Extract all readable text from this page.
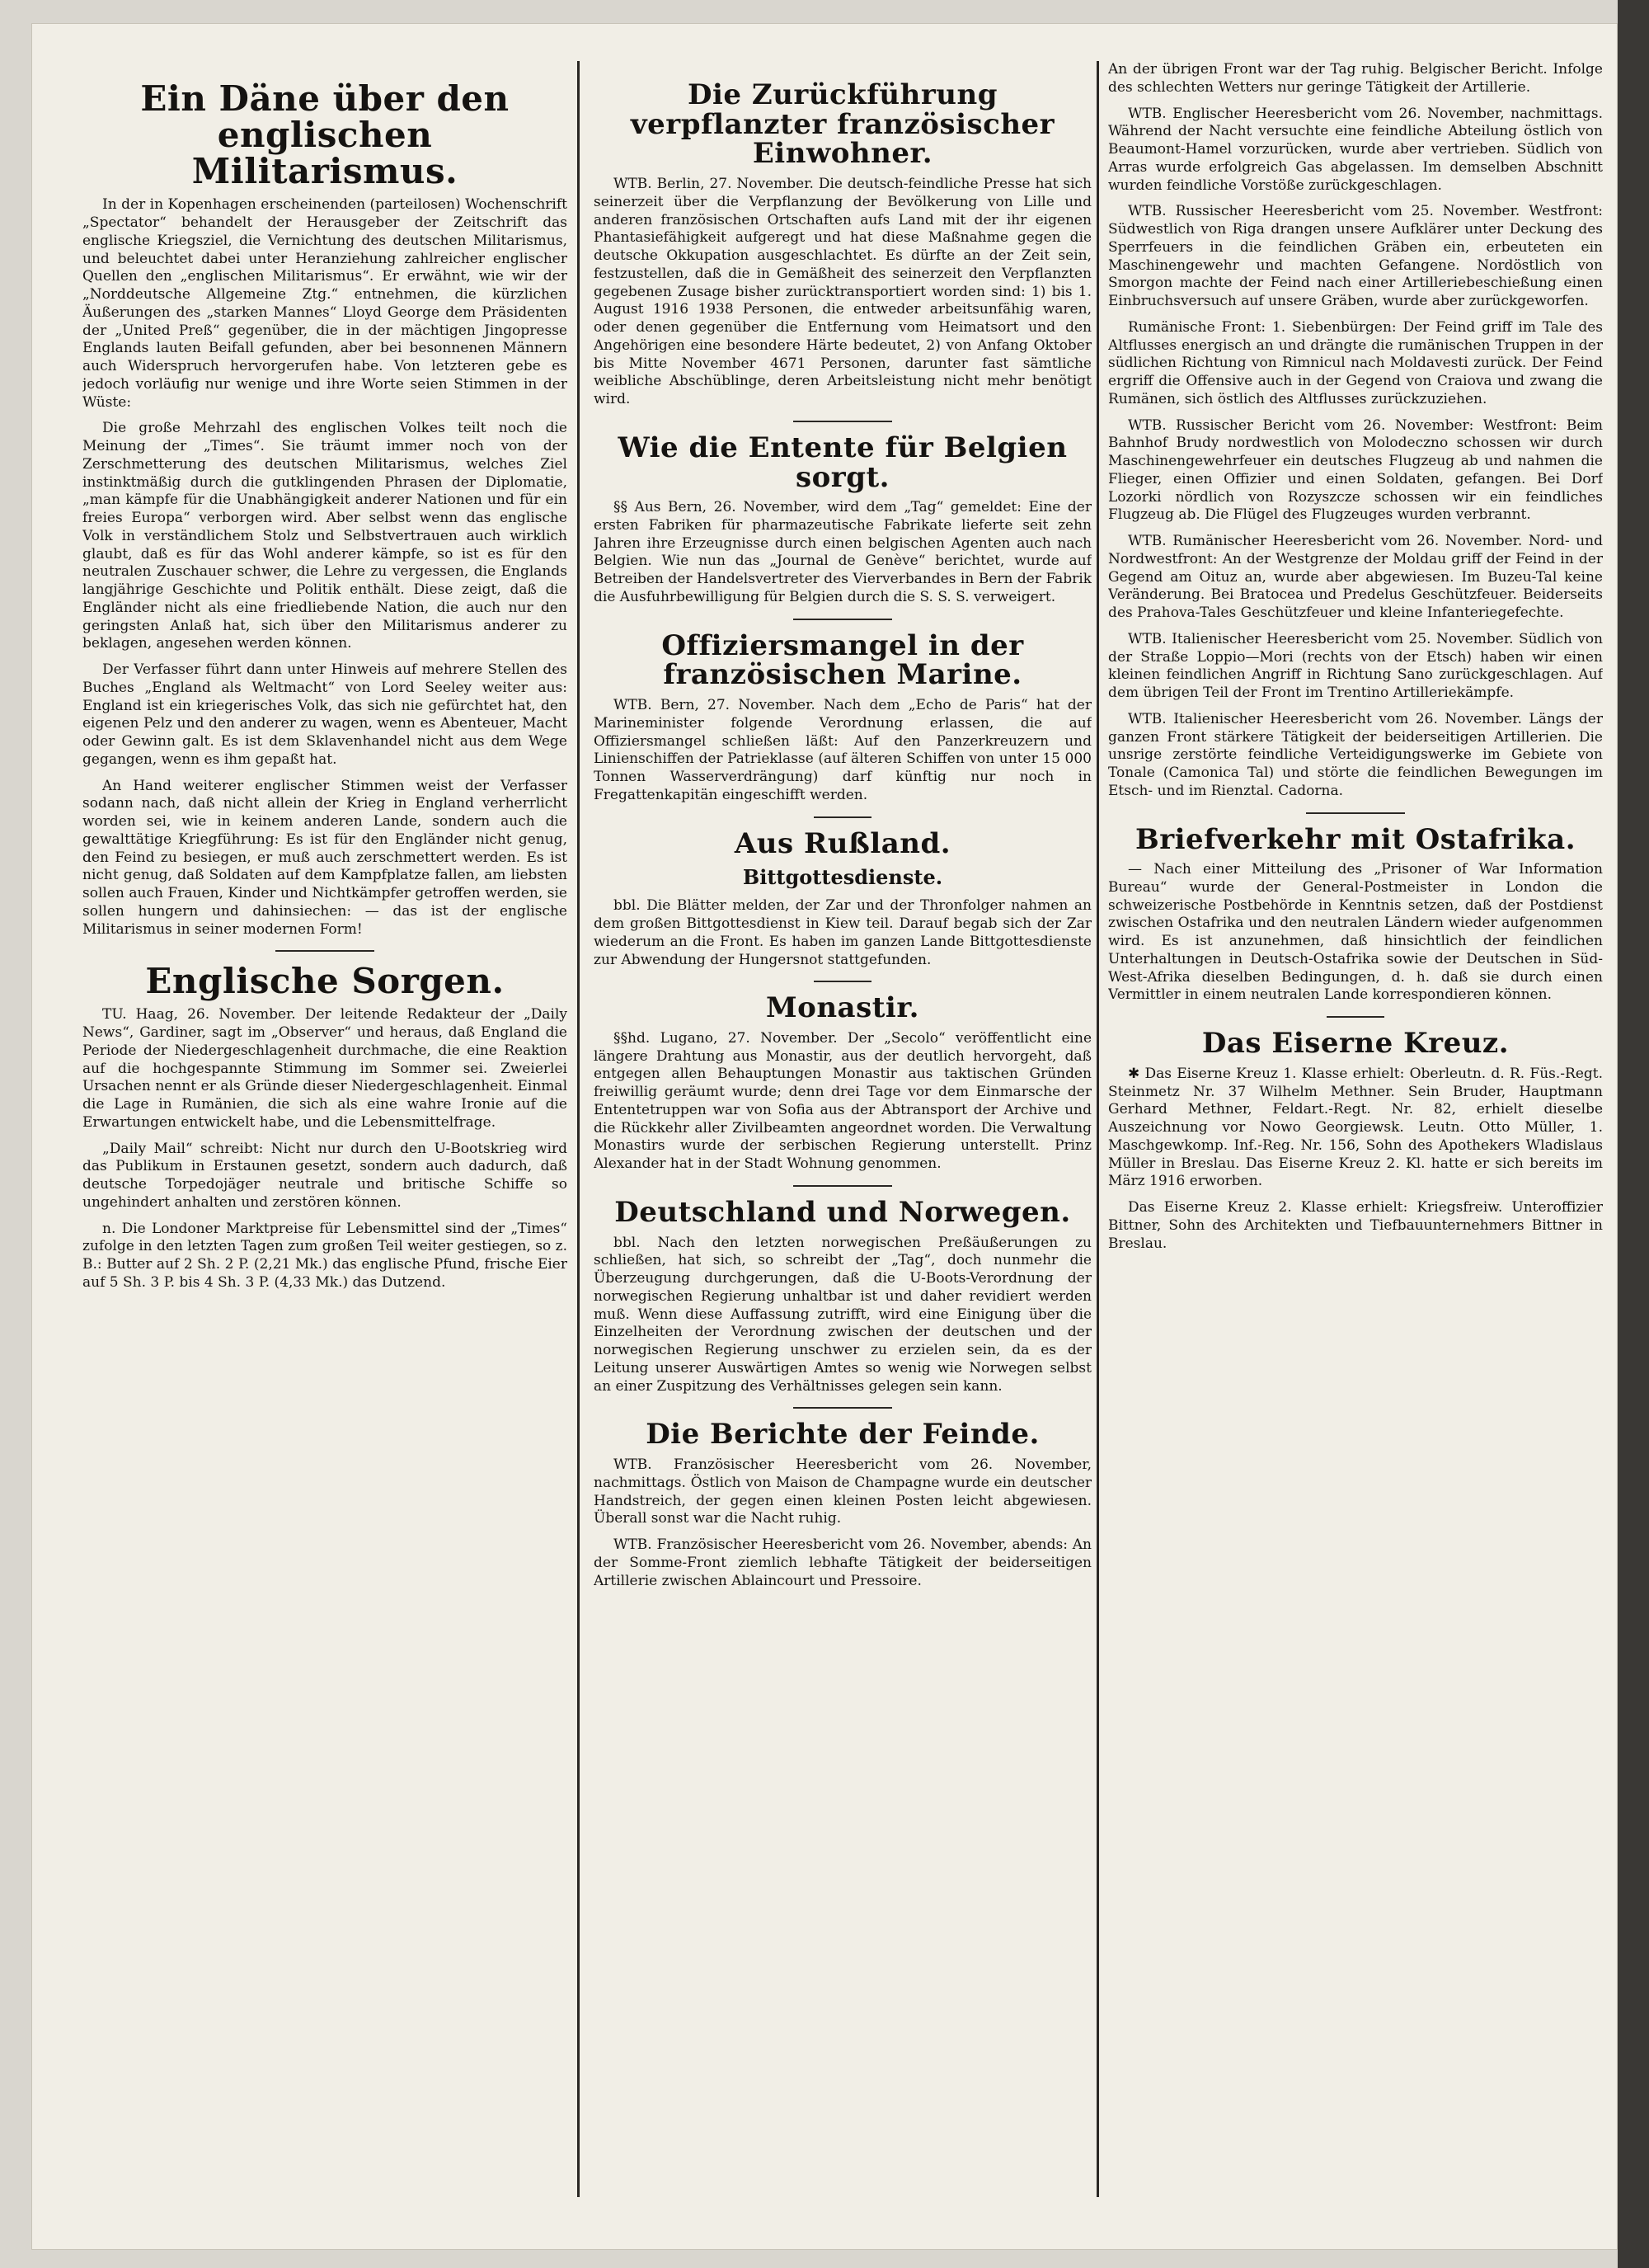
Ein Däne über den englischen Militarismus.

In der in Kopenhagen erscheinenden (parteilosen) Wochenschrift „Spectator“ behandelt der Herausgeber der Zeitschrift das englische Kriegsziel, die Vernichtung des deutschen Militarismus, und beleuchtet dabei unter Heranziehung zahlreicher englischer Quellen den „englischen Militarismus“. Er erwähnt, wie wir der „Norddeutsche Allgemeine Ztg.“ entnehmen, die kürzlichen Äußerungen des „starken Mannes“ Lloyd George dem Präsidenten der „United Preß“ gegenüber, die in der mächtigen Jingopresse Englands lauten Beifall gefunden, aber bei besonnenen Männern auch Widerspruch hervorgerufen habe. Von letzteren gebe es jedoch vorläufig nur wenige und ihre Worte seien Stimmen in der Wüste:

Die große Mehrzahl des englischen Volkes teilt noch die Meinung der „Times“. Sie träumt immer noch von der Zerschmetterung des deutschen Militarismus, welches Ziel instinktmäßig durch die gutklingenden Phrasen der Diplomatie, „man kämpfe für die Unabhängigkeit anderer Nationen und für ein freies Europa“ verborgen wird. Aber selbst wenn das englische Volk in verständlichem Stolz und Selbstvertrauen auch wirklich glaubt, daß es für das Wohl anderer kämpfe, so ist es für den neutralen Zuschauer schwer, die Lehre zu vergessen, die Englands langjährige Geschichte und Politik enthält. Diese zeigt, daß die Engländer nicht als eine friedliebende Nation, die auch nur den geringsten Anlaß hat, sich über den Militarismus anderer zu beklagen, angesehen werden können.

Der Verfasser führt dann unter Hinweis auf mehrere Stellen des Buches „England als Weltmacht“ von Lord Seeley weiter aus: England ist ein kriegerisches Volk, das sich nie gefürchtet hat, den eigenen Pelz und den anderer zu wagen, wenn es Abenteuer, Macht oder Gewinn galt. Es ist dem Sklavenhandel nicht aus dem Wege gegangen, wenn es ihm gepaßt hat.

An Hand weiterer englischer Stimmen weist der Verfasser sodann nach, daß nicht allein der Krieg in England verherrlicht worden sei, wie in keinem anderen Lande, sondern auch die gewalttätige Kriegführung: Es ist für den Engländer nicht genug, den Feind zu besiegen, er muß auch zerschmettert werden. Es ist nicht genug, daß Soldaten auf dem Kampfplatze fallen, am liebsten sollen auch Frauen, Kinder und Nichtkämpfer getroffen werden, sie sollen hungern und dahinsiechen: — das ist der englische Militarismus in seiner modernen Form!

Englische Sorgen.

TU. Haag, 26. November. Der leitende Redakteur der „Daily News“, Gardiner, sagt im „Observer“ und heraus, daß England die Periode der Niedergeschlagenheit durchmache, die eine Reaktion auf die hochgespannte Stimmung im Sommer sei. Zweierlei Ursachen nennt er als Gründe dieser Niedergeschlagenheit. Einmal die Lage in Rumänien, die sich als eine wahre Ironie auf die Erwartungen entwickelt habe, und die Lebensmittelfrage.

„Daily Mail“ schreibt: Nicht nur durch den U-Bootskrieg wird das Publikum in Erstaunen gesetzt, sondern auch dadurch, daß deutsche Torpedojäger neutrale und britische Schiffe so ungehindert anhalten und zerstören können.

n. Die Londoner Marktpreise für Lebensmittel sind der „Times“ zufolge in den letzten Tagen zum großen Teil weiter gestiegen, so z. B.: Butter auf 2 Sh. 2 P. (2,21 Mk.) das englische Pfund, frische Eier auf 5 Sh. 3 P. bis 4 Sh. 3 P. (4,33 Mk.) das Dutzend.

Die Zurückführung verpflanzter französischer Einwohner.

WTB. Berlin, 27. November. Die deutsch-feindliche Presse hat sich seinerzeit über die Verpflanzung der Bevölkerung von Lille und anderen französischen Ortschaften aufs Land mit der ihr eigenen Phantasiefähigkeit aufgeregt und hat diese Maßnahme gegen die deutsche Okkupation ausgeschlachtet. Es dürfte an der Zeit sein, festzustellen, daß die in Gemäßheit des seinerzeit den Verpflanzten gegebenen Zusage bisher zurücktransportiert worden sind: 1) bis 1. August 1916 1938 Personen, die entweder arbeitsunfähig waren, oder denen gegenüber die Entfernung vom Heimatsort und den Angehörigen eine besondere Härte bedeutet, 2) von Anfang Oktober bis Mitte November 4671 Personen, darunter fast sämtliche weibliche Abschüblinge, deren Arbeitsleistung nicht mehr benötigt wird.

Wie die Entente für Belgien sorgt.

§§ Aus Bern, 26. November, wird dem „Tag“ gemeldet: Eine der ersten Fabriken für pharmazeutische Fabrikate lieferte seit zehn Jahren ihre Erzeugnisse durch einen belgischen Agenten auch nach Belgien. Wie nun das „Journal de Genève“ berichtet, wurde auf Betreiben der Handelsvertreter des Vierverbandes in Bern der Fabrik die Ausfuhrbewilligung für Belgien durch die S. S. S. verweigert.

Offiziersmangel in der französischen Marine.

WTB. Bern, 27. November. Nach dem „Echo de Paris“ hat der Marineminister folgende Verordnung erlassen, die auf Offiziersmangel schließen läßt: Auf den Panzerkreuzern und Linienschiffen der Patrieklasse (auf älteren Schiffen von unter 15 000 Tonnen Wasserverdrängung) darf künftig nur noch in Fregattenkapitän eingeschifft werden.

Aus Rußland.
Bittgottesdienste.

bbl. Die Blätter melden, der Zar und der Thronfolger nahmen an dem großen Bittgottesdienst in Kiew teil. Darauf begab sich der Zar wiederum an die Front. Es haben im ganzen Lande Bittgottesdienste zur Abwendung der Hungersnot stattgefunden.

Monastir.

§§hd. Lugano, 27. November. Der „Secolo“ veröffentlicht eine längere Drahtung aus Monastir, aus der deutlich hervorgeht, daß entgegen allen Behauptungen Monastir aus taktischen Gründen freiwillig geräumt wurde; denn drei Tage vor dem Einmarsche der Ententetruppen war von Sofia aus der Abtransport der Archive und die Rückkehr aller Zivilbeamten angeordnet worden. Die Verwaltung Monastirs wurde der serbischen Regierung unterstellt. Prinz Alexander hat in der Stadt Wohnung genommen.

Deutschland und Norwegen.

bbl. Nach den letzten norwegischen Preßäußerungen zu schließen, hat sich, so schreibt der „Tag“, doch nunmehr die Überzeugung durchgerungen, daß die U-Boots-Verordnung der norwegischen Regierung unhaltbar ist und daher revidiert werden muß. Wenn diese Auffassung zutrifft, wird eine Einigung über die Einzelheiten der Verordnung zwischen der deutschen und der norwegischen Regierung unschwer zu erzielen sein, da es der Leitung unserer Auswärtigen Amtes so wenig wie Norwegen selbst an einer Zuspitzung des Verhältnisses gelegen sein kann.

Die Berichte der Feinde.

WTB. Französischer Heeresbericht vom 26. November, nachmittags. Östlich von Maison de Champagne wurde ein deutscher Handstreich, der gegen einen kleinen Posten leicht abgewiesen. Überall sonst war die Nacht ruhig.

WTB. Französischer Heeresbericht vom 26. November, abends: An der Somme-Front ziemlich lebhafte Tätigkeit der beiderseitigen Artillerie zwischen Ablaincourt und Pressoire.

An der übrigen Front war der Tag ruhig. Belgischer Bericht. Infolge des schlechten Wetters nur geringe Tätigkeit der Artillerie.

WTB. Englischer Heeresbericht vom 26. November, nachmittags. Während der Nacht versuchte eine feindliche Abteilung östlich von Beaumont-Hamel vorzurücken, wurde aber vertrieben. Südlich von Arras wurde erfolgreich Gas abgelassen. Im demselben Abschnitt wurden feindliche Vorstöße zurückgeschlagen.

WTB. Russischer Heeresbericht vom 25. November. Westfront: Südwestlich von Riga drangen unsere Aufklärer unter Deckung des Sperrfeuers in die feindlichen Gräben ein, erbeuteten ein Maschinengewehr und machten Gefangene. Nordöstlich von Smorgon machte der Feind nach einer Artilleriebeschießung einen Einbruchsversuch auf unsere Gräben, wurde aber zurückgeworfen.

Rumänische Front: 1. Siebenbürgen: Der Feind griff im Tale des Altflusses energisch an und drängte die rumänischen Truppen in der südlichen Richtung von Rimnicul nach Moldavesti zurück. Der Feind ergriff die Offensive auch in der Gegend von Craiova und zwang die Rumänen, sich östlich des Altflusses zurückzuziehen.

WTB. Russischer Bericht vom 26. November: Westfront: Beim Bahnhof Brudy nordwestlich von Molodeczno schossen wir durch Maschinengewehrfeuer ein deutsches Flugzeug ab und nahmen die Flieger, einen Offizier und einen Soldaten, gefangen. Bei Dorf Lozorki nördlich von Rozyszcze schossen wir ein feindliches Flugzeug ab. Die Flügel des Flugzeuges wurden verbrannt.

WTB. Rumänischer Heeresbericht vom 26. November. Nord- und Nordwestfront: An der Westgrenze der Moldau griff der Feind in der Gegend am Oituz an, wurde aber abgewiesen. Im Buzeu-Tal keine Veränderung. Bei Bratocea und Predelus Geschützfeuer. Beiderseits des Prahova-Tales Geschützfeuer und kleine Infanteriegefechte.

WTB. Italienischer Heeresbericht vom 25. November. Südlich von der Straße Loppio—Mori (rechts von der Etsch) haben wir einen kleinen feindlichen Angriff in Richtung Sano zurückgeschlagen. Auf dem übrigen Teil der Front im Trentino Artilleriekämpfe.

WTB. Italienischer Heeresbericht vom 26. November. Längs der ganzen Front stärkere Tätigkeit der beiderseitigen Artillerien. Die unsrige zerstörte feindliche Verteidigungswerke im Gebiete von Tonale (Camonica Tal) und störte die feindlichen Bewegungen im Etsch- und im Rienztal. Cadorna.

Briefverkehr mit Ostafrika.

— Nach einer Mitteilung des „Prisoner of War Information Bureau“ wurde der General-Postmeister in London die schweizerische Postbehörde in Kenntnis setzen, daß der Postdienst zwischen Ostafrika und den neutralen Ländern wieder aufgenommen wird. Es ist anzunehmen, daß hinsichtlich der feindlichen Unterhaltungen in Deutsch-Ostafrika sowie der Deutschen in Süd-West-Afrika dieselben Bedingungen, d. h. daß sie durch einen Vermittler in einem neutralen Lande korrespondieren können.

Das Eiserne Kreuz.

✱ Das Eiserne Kreuz 1. Klasse erhielt: Oberleutn. d. R. Füs.-Regt. Steinmetz Nr. 37 Wilhelm Methner. Sein Bruder, Hauptmann Gerhard Methner, Feldart.-Regt. Nr. 82, erhielt dieselbe Auszeichnung vor Nowo Georgiewsk. Leutn. Otto Müller, 1. Maschgewkomp. Inf.-Reg. Nr. 156, Sohn des Apothekers Wladislaus Müller in Breslau. Das Eiserne Kreuz 2. Kl. hatte er sich bereits im März 1916 erworben.

Das Eiserne Kreuz 2. Klasse erhielt: Kriegsfreiw. Unteroffizier Bittner, Sohn des Architekten und Tiefbauunternehmers Bittner in Breslau.
